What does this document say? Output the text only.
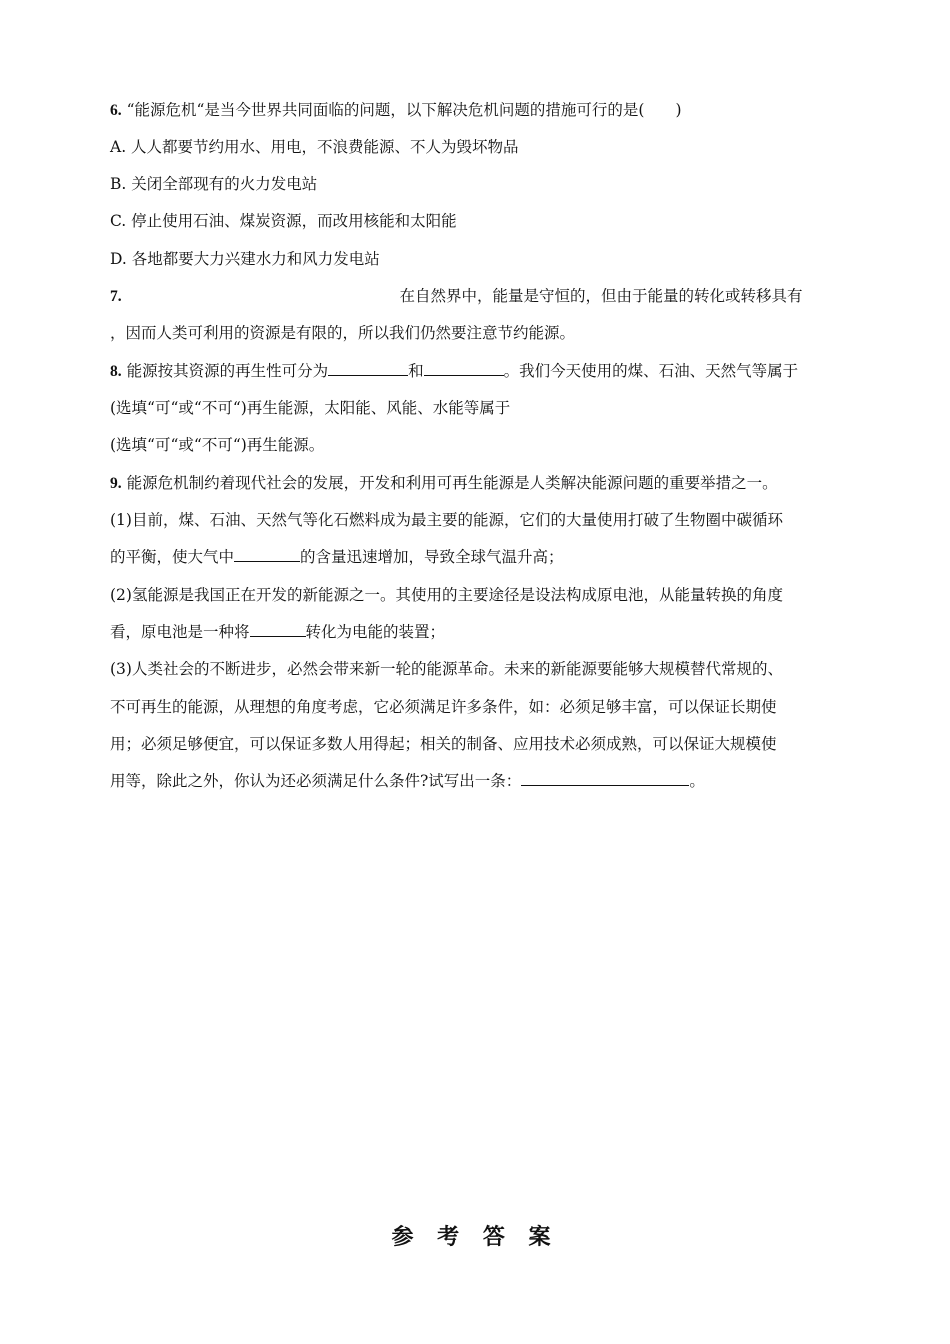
6. “能源危机“是当今世界共同面临的问题，以下解决危机问题的措施可行的是(　　)
A. 人人都要节约用水、用电，不浪费能源、不人为毁坏物品
B. 关闭全部现有的火力发电站
C. 停止使用石油、煤炭资源，而改用核能和太阳能
D. 各地都要大力兴建水力和风力发电站
7.	在自然界中，能量是守恒的，但由于能量的转化或转移具有
，因而人类可利用的资源是有限的，所以我们仍然要注意节约能源。
8. 能源按其资源的再生性可分为	和	。我们今天使用的煤、石油、天然气等属于
(选填“可“或“不可“)再生能源，太阳能、风能、水能等属于
(选填“可“或“不可“)再生能源。
9. 能源危机制约着现代社会的发展，开发和利用可再生能源是人类解决能源问题的重要举措之一。
(1)目前，煤、石油、天然气等化石燃料成为最主要的能源，它们的大量使用打破了生物圈中碳循环
的平衡，使大气中	的含量迅速增加，导致全球气温升高；
(2)氢能源是我国正在开发的新能源之一。其使用的主要途径是设法构成原电池，从能量转换的角度
看，原电池是一种将	转化为电能的装置；
(3)人类社会的不断进步，必然会带来新一轮的能源革命。未来的新能源要能够大规模替代常规的、
不可再生的能源，从理想的角度考虑，它必须满足许多条件，如：必须足够丰富，可以保证长期使
用；必须足够便宜，可以保证多数人用得起；相关的制备、应用技术必须成熟，可以保证大规模使
用等，除此之外，你认为还必须满足什么条件?试写出一条：	。
参 考 答 案
